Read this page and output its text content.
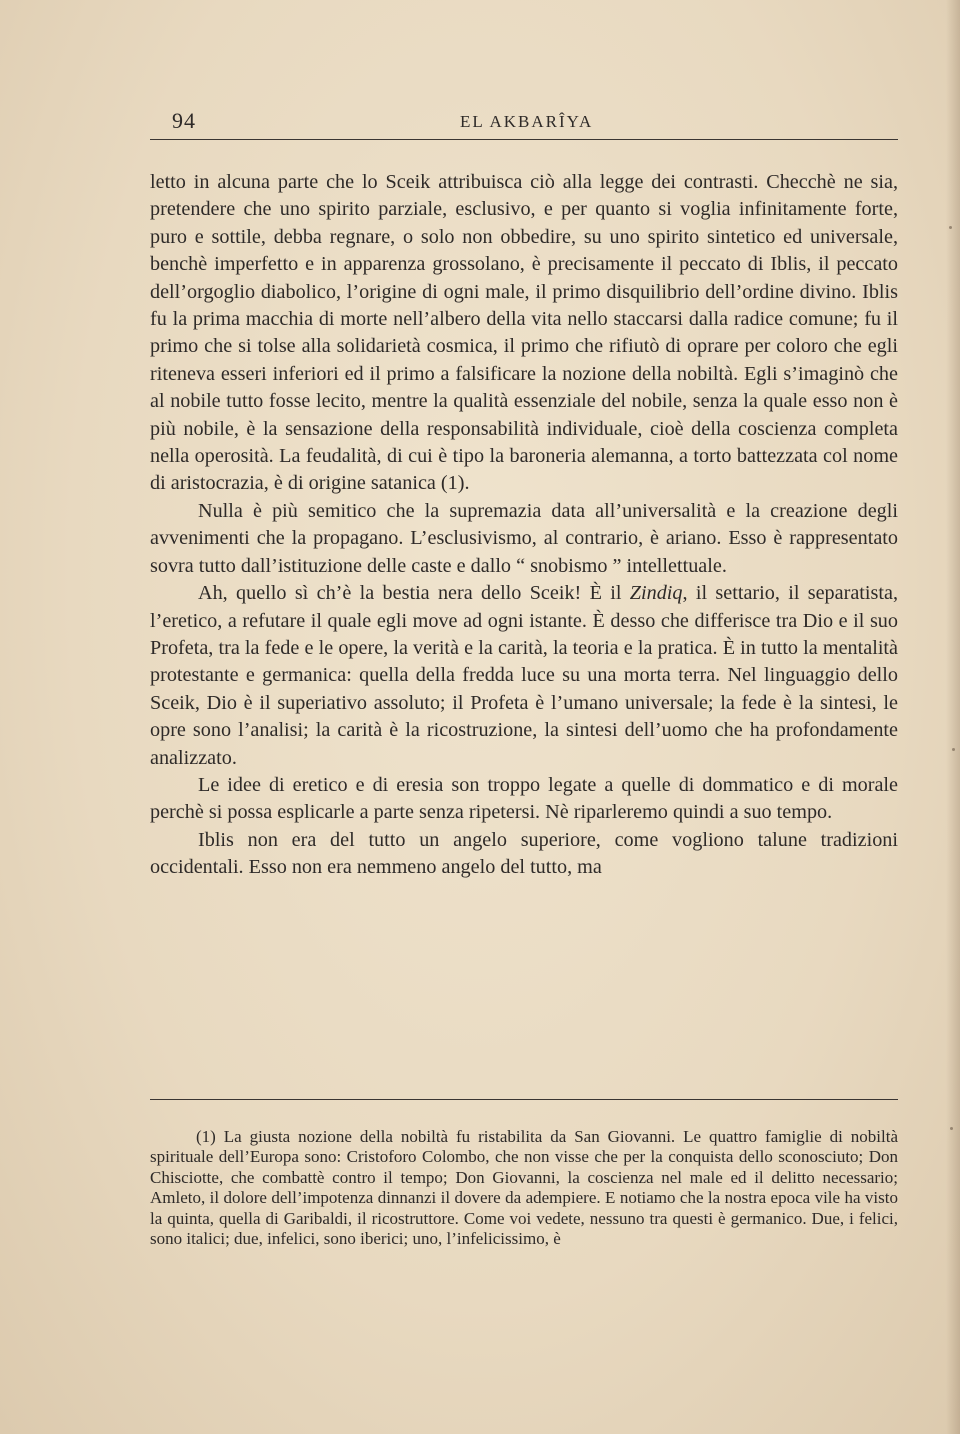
94	EL AKBARÎYA

letto in alcuna parte che lo Sceik attribuisca ciò alla legge dei contrasti. Checchè ne sia, pretendere che uno spirito parziale, esclusivo, e per quanto si voglia infinitamente forte, puro e sottile, debba regnare, o solo non obbedire, su uno spirito sintetico ed universale, benchè imperfetto e in apparenza grossolano, è precisamente il peccato di Iblis, il peccato dell’orgoglio diabolico, l’origine di ogni male, il primo disquilibrio dell’ordine divino. Iblis fu la prima macchia di morte nell’albero della vita nello staccarsi dalla radice comune; fu il primo che si tolse alla solidarietà cosmica, il primo che rifiutò di oprare per coloro che egli riteneva esseri inferiori ed il primo a falsificare la nozione della nobiltà. Egli s’imaginò che al nobile tutto fosse lecito, mentre la qualità essenziale del nobile, senza la quale esso non è più nobile, è la sensazione della responsabilità individuale, cioè della coscienza completa nella operosità. La feudalità, di cui è tipo la baroneria alemanna, a torto battezzata col nome di aristocrazia, è di origine satanica (1).

Nulla è più semitico che la supremazia data all’universalità e la creazione degli avvenimenti che la propagano. L’esclusivismo, al contrario, è ariano. Esso è rappresentato sovra tutto dall’istituzione delle caste e dallo “ snobismo ” intellettuale.

Ah, quello sì ch’è la bestia nera dello Sceik! È il Zindiq, il settario, il separatista, l’eretico, a refutare il quale egli move ad ogni istante. È desso che differisce tra Dio e il suo Profeta, tra la fede e le opere, la verità e la carità, la teoria e la pratica. È in tutto la mentalità protestante e germanica: quella della fredda luce su una morta terra. Nel linguaggio dello Sceik, Dio è il superiativo assoluto; il Profeta è l’umano universale; la fede è la sintesi, le opre sono l’analisi; la carità è la ricostruzione, la sintesi dell’uomo che ha profondamente analizzato.

Le idee di eretico e di eresia son troppo legate a quelle di dommatico e di morale perchè si possa esplicarle a parte senza ripetersi. Nè riparleremo quindi a suo tempo.

Iblis non era del tutto un angelo superiore, come vogliono talune tradizioni occidentali. Esso non era nemmeno angelo del tutto, ma

(1) La giusta nozione della nobiltà fu ristabilita da San Giovanni. Le quattro famiglie di nobiltà spirituale dell’Europa sono: Cristoforo Colombo, che non visse che per la conquista dello sconosciuto; Don Chisciotte, che combattè contro il tempo; Don Giovanni, la coscienza nel male ed il delitto necessario; Amleto, il dolore dell’impotenza dinnanzi il dovere da adempiere. E notiamo che la nostra epoca vile ha visto la quinta, quella di Garibaldi, il ricostruttore. Come voi vedete, nessuno tra questi è germanico. Due, i felici, sono italici; due, infelici, sono iberici; uno, l’infelicissimo, è
